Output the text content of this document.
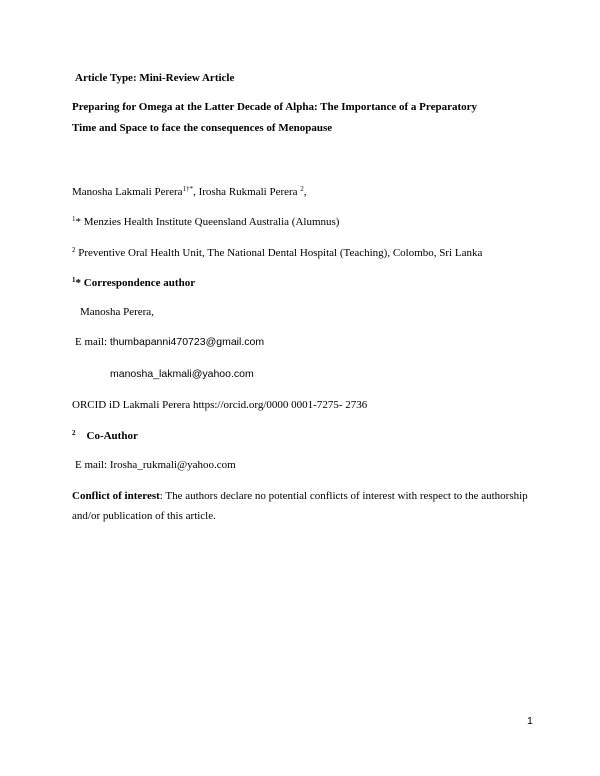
Article Type: Mini-Review Article
Preparing for Omega at the Latter Decade of Alpha: The Importance of a Preparatory
Time and Space to face the consequences of Menopause
Manosha Lakmali Perera$^{1\dagger*}$, Irosha Rukmali Perera $^2$,
$^1$* Menzies Health Institute Queensland Australia (Alumnus)
$^2$ Preventive Oral Health Unit, The National Dental Hospital (Teaching), Colombo, Sri Lanka
$^1$* Correspondence author
Manosha Perera,
E mail: thumbapanni470723@gmail.com
manosha_lakmali@yahoo.com
ORCID iD Lakmali Perera https://orcid.org/0000 0001-7275- 2736
$^2$ Co-Author
E mail: Irosha_rukmali@yahoo.com
Conflict of interest: The authors declare no potential conflicts of interest with respect to the authorship and/or publication of this article.
1
